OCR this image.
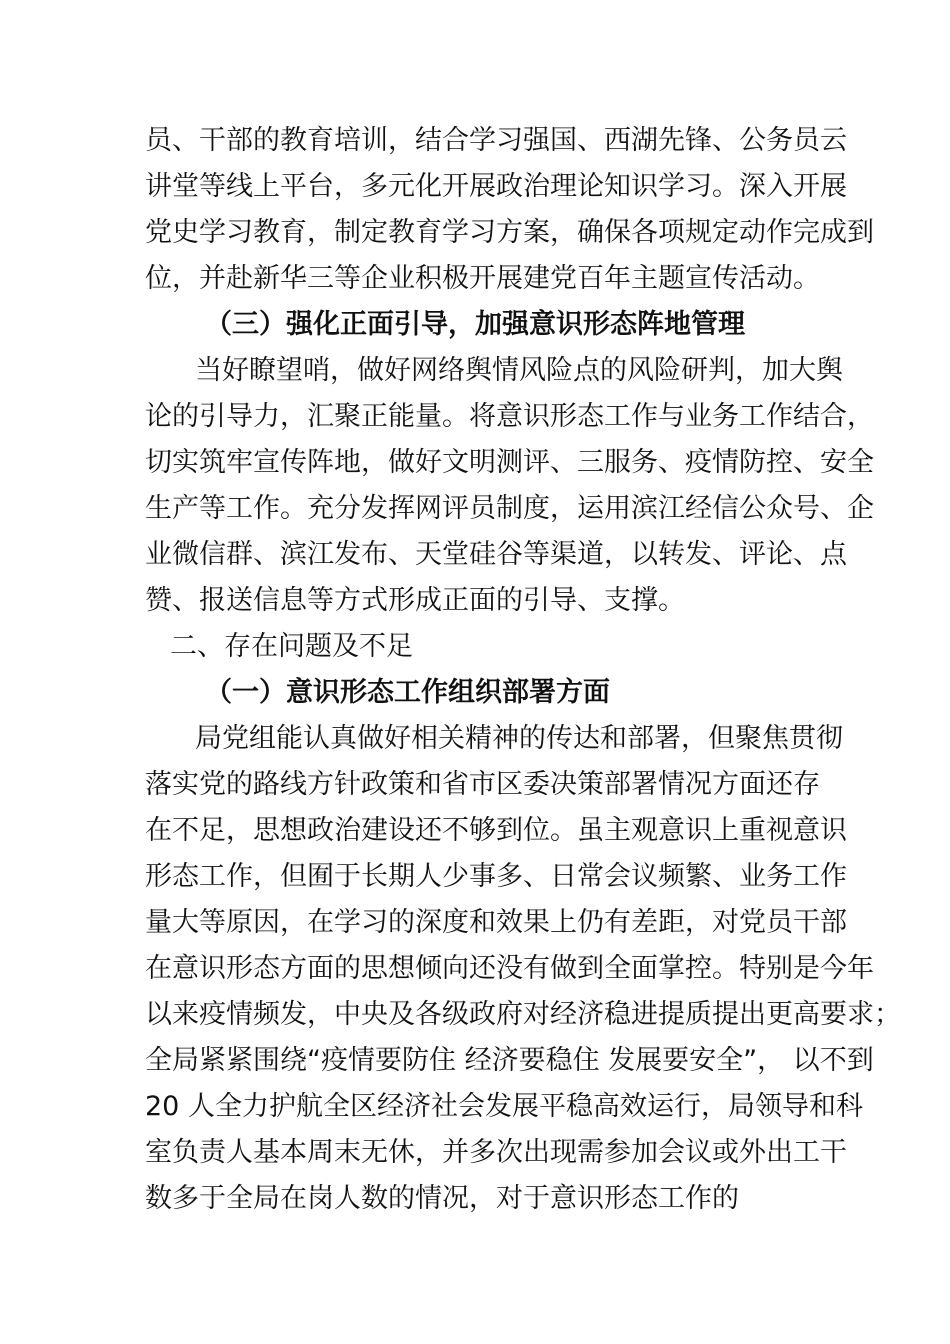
员、干部的教育培训，结合学习强国、西湖先锋、公务员云
讲堂等线上平台，多元化开展政治理论知识学习。深入开展
党史学习教育，制定教育学习方案，确保各项规定动作完成到
位，并赴新华三等企业积极开展建党百年主题宣传活动。
（三）强化正面引导，加强意识形态阵地管理
当好瞭望哨，做好网络舆情风险点的风险研判，加大舆
论的引导力，汇聚正能量。将意识形态工作与业务工作结合，
切实筑牢宣传阵地，做好文明测评、三服务、疫情防控、安全
生产等工作。充分发挥网评员制度，运用滨江经信公众号、企
业微信群、滨江发布、天堂硅谷等渠道，以转发、评论、点
赞、报送信息等方式形成正面的引导、支撑。
二、存在问题及不足
（一）意识形态工作组织部署方面
局党组能认真做好相关精神的传达和部署，但聚焦贯彻
落实党的路线方针政策和省市区委决策部署情况方面还存
在不足，思想政治建设还不够到位。虽主观意识上重视意识
形态工作，但囿于长期人少事多、日常会议频繁、业务工作
量大等原因，在学习的深度和效果上仍有差距，对党员干部
在意识形态方面的思想倾向还没有做到全面掌控。特别是今年
以来疫情频发，中央及各级政府对经济稳进提质提出更高要求；
全局紧紧围绕“疫情要防住 经济要稳住 发展要安全”， 以不到
20 人全力护航全区经济社会发展平稳高效运行，局领导和科
室负责人基本周末无休，并多次出现需参加会议或外出工干
数多于全局在岗人数的情况，对于意识形态工作的
